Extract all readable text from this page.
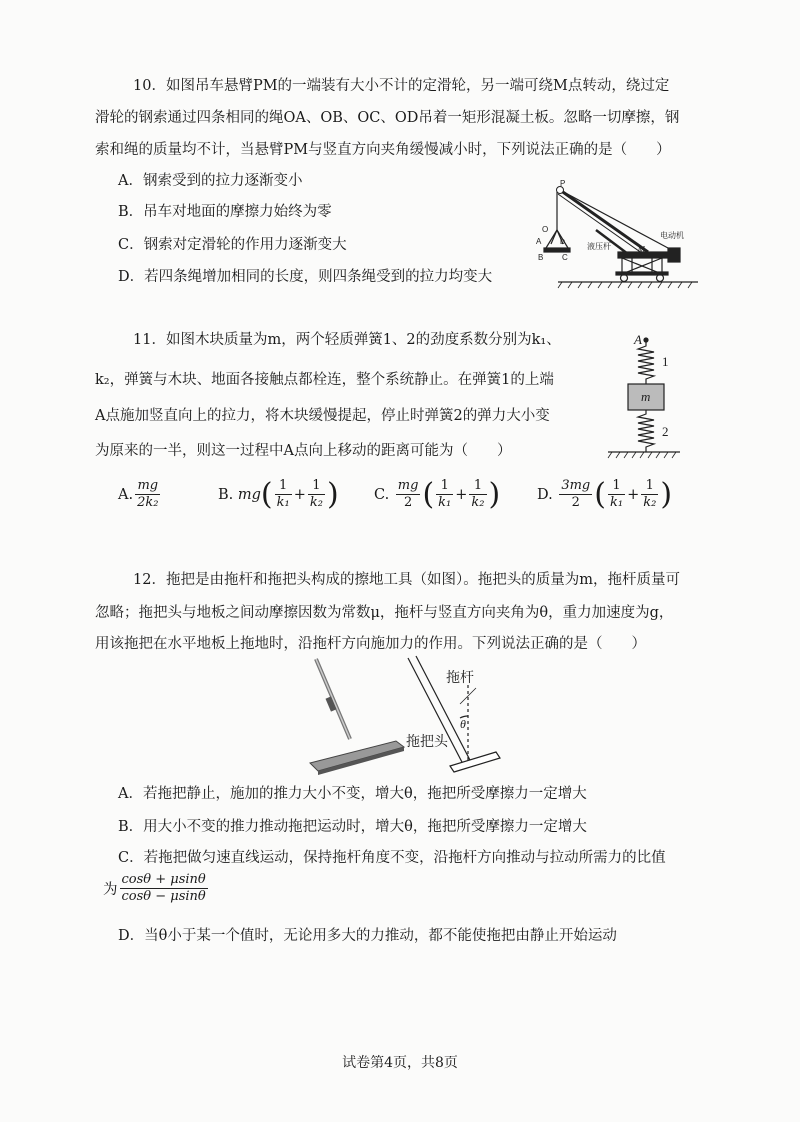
10．如图吊车悬臂PM的一端装有大小不计的定滑轮，另一端可绕M点转动，绕过定
滑轮的钢索通过四条相同的绳OA、OB、OC、OD吊着一矩形混凝土板。忽略一切摩擦，钢
索和绳的质量均不计，当悬臂PM与竖直方向夹角缓慢减小时，下列说法正确的是（　　）
A．钢索受到的拉力逐渐变小
B．吊车对地面的摩擦力始终为零
C．钢索对定滑轮的作用力逐渐变大
D．若四条绳增加相同的长度，则四条绳受到的拉力均变大
P
O
A	D
B C
M
液压杆
电动机
11．如图木块质量为m，两个轻质弹簧1、2的劲度系数分别为k₁、
k₂，弹簧与木块、地面各接触点都栓连，整个系统静止。在弹簧1的上端
A点施加竖直向上的拉力，将木块缓慢提起，停止时弹簧2的弹力大小变
为原来的一半，则这一过程中A点向上移动的距离可能为（　　）
A
1
m
2
A. $\frac{mg}{\text{2k₂}}$	B.
mg ( $\frac{1}{\text{k₁}} + \frac{1}{\text{k₂}}$ ) C.
$\frac{mg}{2}$ ( $\frac{1}{\text{k₁}} + \frac{1}{\text{k₂}}$ )	D.
$\frac{3mg}{2}$ ( $\frac{1}{\text{k₁}} + \frac{1}{\text{k₂}}$ )
12．拖把是由拖杆和拖把头构成的擦地工具（如图）。拖把头的质量为m，拖杆质量可
忽略；拖把头与地板之间动摩擦因数为常数μ，拖杆与竖直方向夹角为θ，重力加速度为g，
用该拖把在水平地板上拖地时，沿拖杆方向施加力的作用。下列说法正确的是（　　）
拖杆
θ
拖把头
A．若拖把静止，施加的推力大小不变，增大θ，拖把所受摩擦力一定增大
B．用大小不变的推力推动拖把运动时，增大θ，拖把所受摩擦力一定增大
C．若拖把做匀速直线运动，保持拖杆角度不变，沿拖杆方向推动与拉动所需力的比值
为 $\frac{\cos\theta + \mu\sin\theta}{\cos\theta - \mu\sin\theta}$
D．当θ小于某一个值时，无论用多大的力推动，都不能使拖把由静止开始运动
试卷第4页，共8页
